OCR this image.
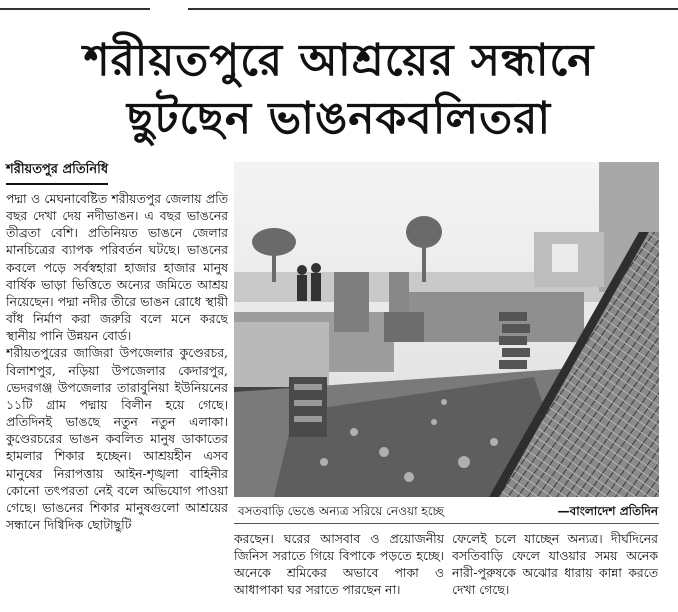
শরীয়তপুরে আশ্রয়ের সন্ধানে
ছুটছেন ভাঙনকবলিতরা
শরীয়তপুর প্রতিনিধি

পদ্মা ও মেঘনাবেষ্টিত শরীয়তপুর জেলায় প্রতি বছর দেখা দেয় নদীভাঙন। এ বছর ভাঙনের তীব্রতা বেশি। প্রতিনিয়ত ভাঙনে জেলার মানচিত্রের ব্যাপক পরিবর্তন ঘটছে। ভাঙনের কবলে পড়ে সর্বস্বহারা হাজার হাজার মানুষ বার্ষিক ভাড়া ভিত্তিতে অন্যের জমিতে আশ্রয় নিয়েছেন। পদ্মা নদীর তীরে ভাঙন রোধে স্থায়ী বাঁধ নির্মাণ করা জরুরি বলে মনে করছে স্থানীয় পানি উন্নয়ন বোর্ড।

শরীয়তপুরের জাজিরা উপজেলার কুণ্ডেরচর, বিলাশপুর, নড়িয়া উপজেলার কেদারপুর, ভেদরগঞ্জ উপজেলার তারাবুনিয়া ইউনিয়নের ১১টি গ্রাম পদ্মায় বিলীন হয়ে গেছে। প্রতিদিনই ভাঙছে নতুন নতুন এলাকা। কুণ্ডেরচরের ভাঙন কবলিত মানুষ ডাকাতের হামলার শিকার হচ্ছেন। আশ্রয়হীন এসব মানুষের নিরাপত্তায় আইন-শৃঙ্খলা বাহিনীর কোনো তৎপরতা নেই বলে অভিযোগ পাওয়া গেছে। ভাঙনের শিকার মানুষগুলো আশ্রয়ের সন্ধানে দিগ্বিদিক ছোটাছুটি

বসতবাড়ি ভেঙে অন্যত্র সরিয়ে নেওয়া হচ্ছে	—বাংলাদেশ প্রতিদিন

করছেন। ঘরের আসবাব ও প্রয়োজনীয় জিনিস সরাতে গিয়ে বিপাকে পড়তে হচ্ছে। অনেকে শ্রমিকের অভাবে পাকা ও আধাপাকা ঘর সরাতে পারছেন না।

ফেলেই চলে যাচ্ছেন অন্যত্র। দীর্ঘদিনের বসতিবাড়ি ফেলে যাওয়ার সময় অনেক নারী-পুরুষকে অঝোর ধারায় কান্না করতে দেখা গেছে।
